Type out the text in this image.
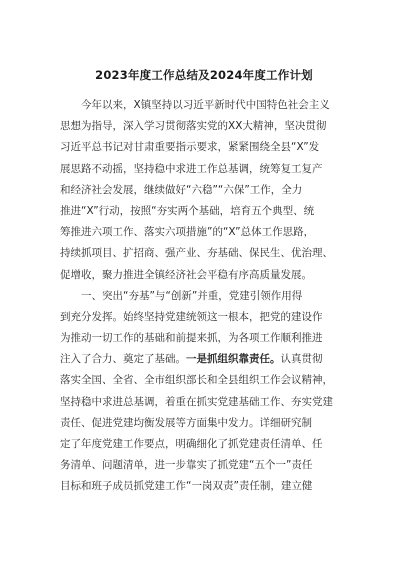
2023年度工作总结及2024年度工作计划
今年以来，X镇坚持以习近平新时代中国特色社会主义
思想为指导，深入学习贯彻落实党的XX大精神，坚决贯彻
习近平总书记对甘肃重要指示要求，紧紧围绕全县“X”发
展思路不动摇，坚持稳中求进工作总基调，统筹复工复产
和经济社会发展，继续做好“六稳”“六保”工作，全力
推进“X”行动，按照“夯实两个基础，培育五个典型、统
筹推进六项工作、落实六项措施”的“X”总体工作思路，
持续抓项目、扩招商、强产业、夯基础、保民生、优治理、
促增收，聚力推进全镇经济社会平稳有序高质量发展。
一、突出“夯基”与“创新”并重，党建引领作用得
到充分发挥。始终坚持党建统领这一根本，把党的建设作
为推动一切工作的基础和前提来抓，为各项工作顺利推进
注入了合力、奠定了基础。一是抓组织靠责任。认真贯彻
落实全国、全省、全市组织部长和全县组织工作会议精神，
坚持稳中求进总基调，着重在抓实党建基础工作、夯实党建
责任、促进党建均衡发展等方面集中发力。详细研究制
定了年度党建工作要点，明确细化了抓党建责任清单、任
务清单、问题清单，进一步靠实了抓党建“五个一”责任
目标和班子成员抓党建工作“一岗双责”责任制，建立健
